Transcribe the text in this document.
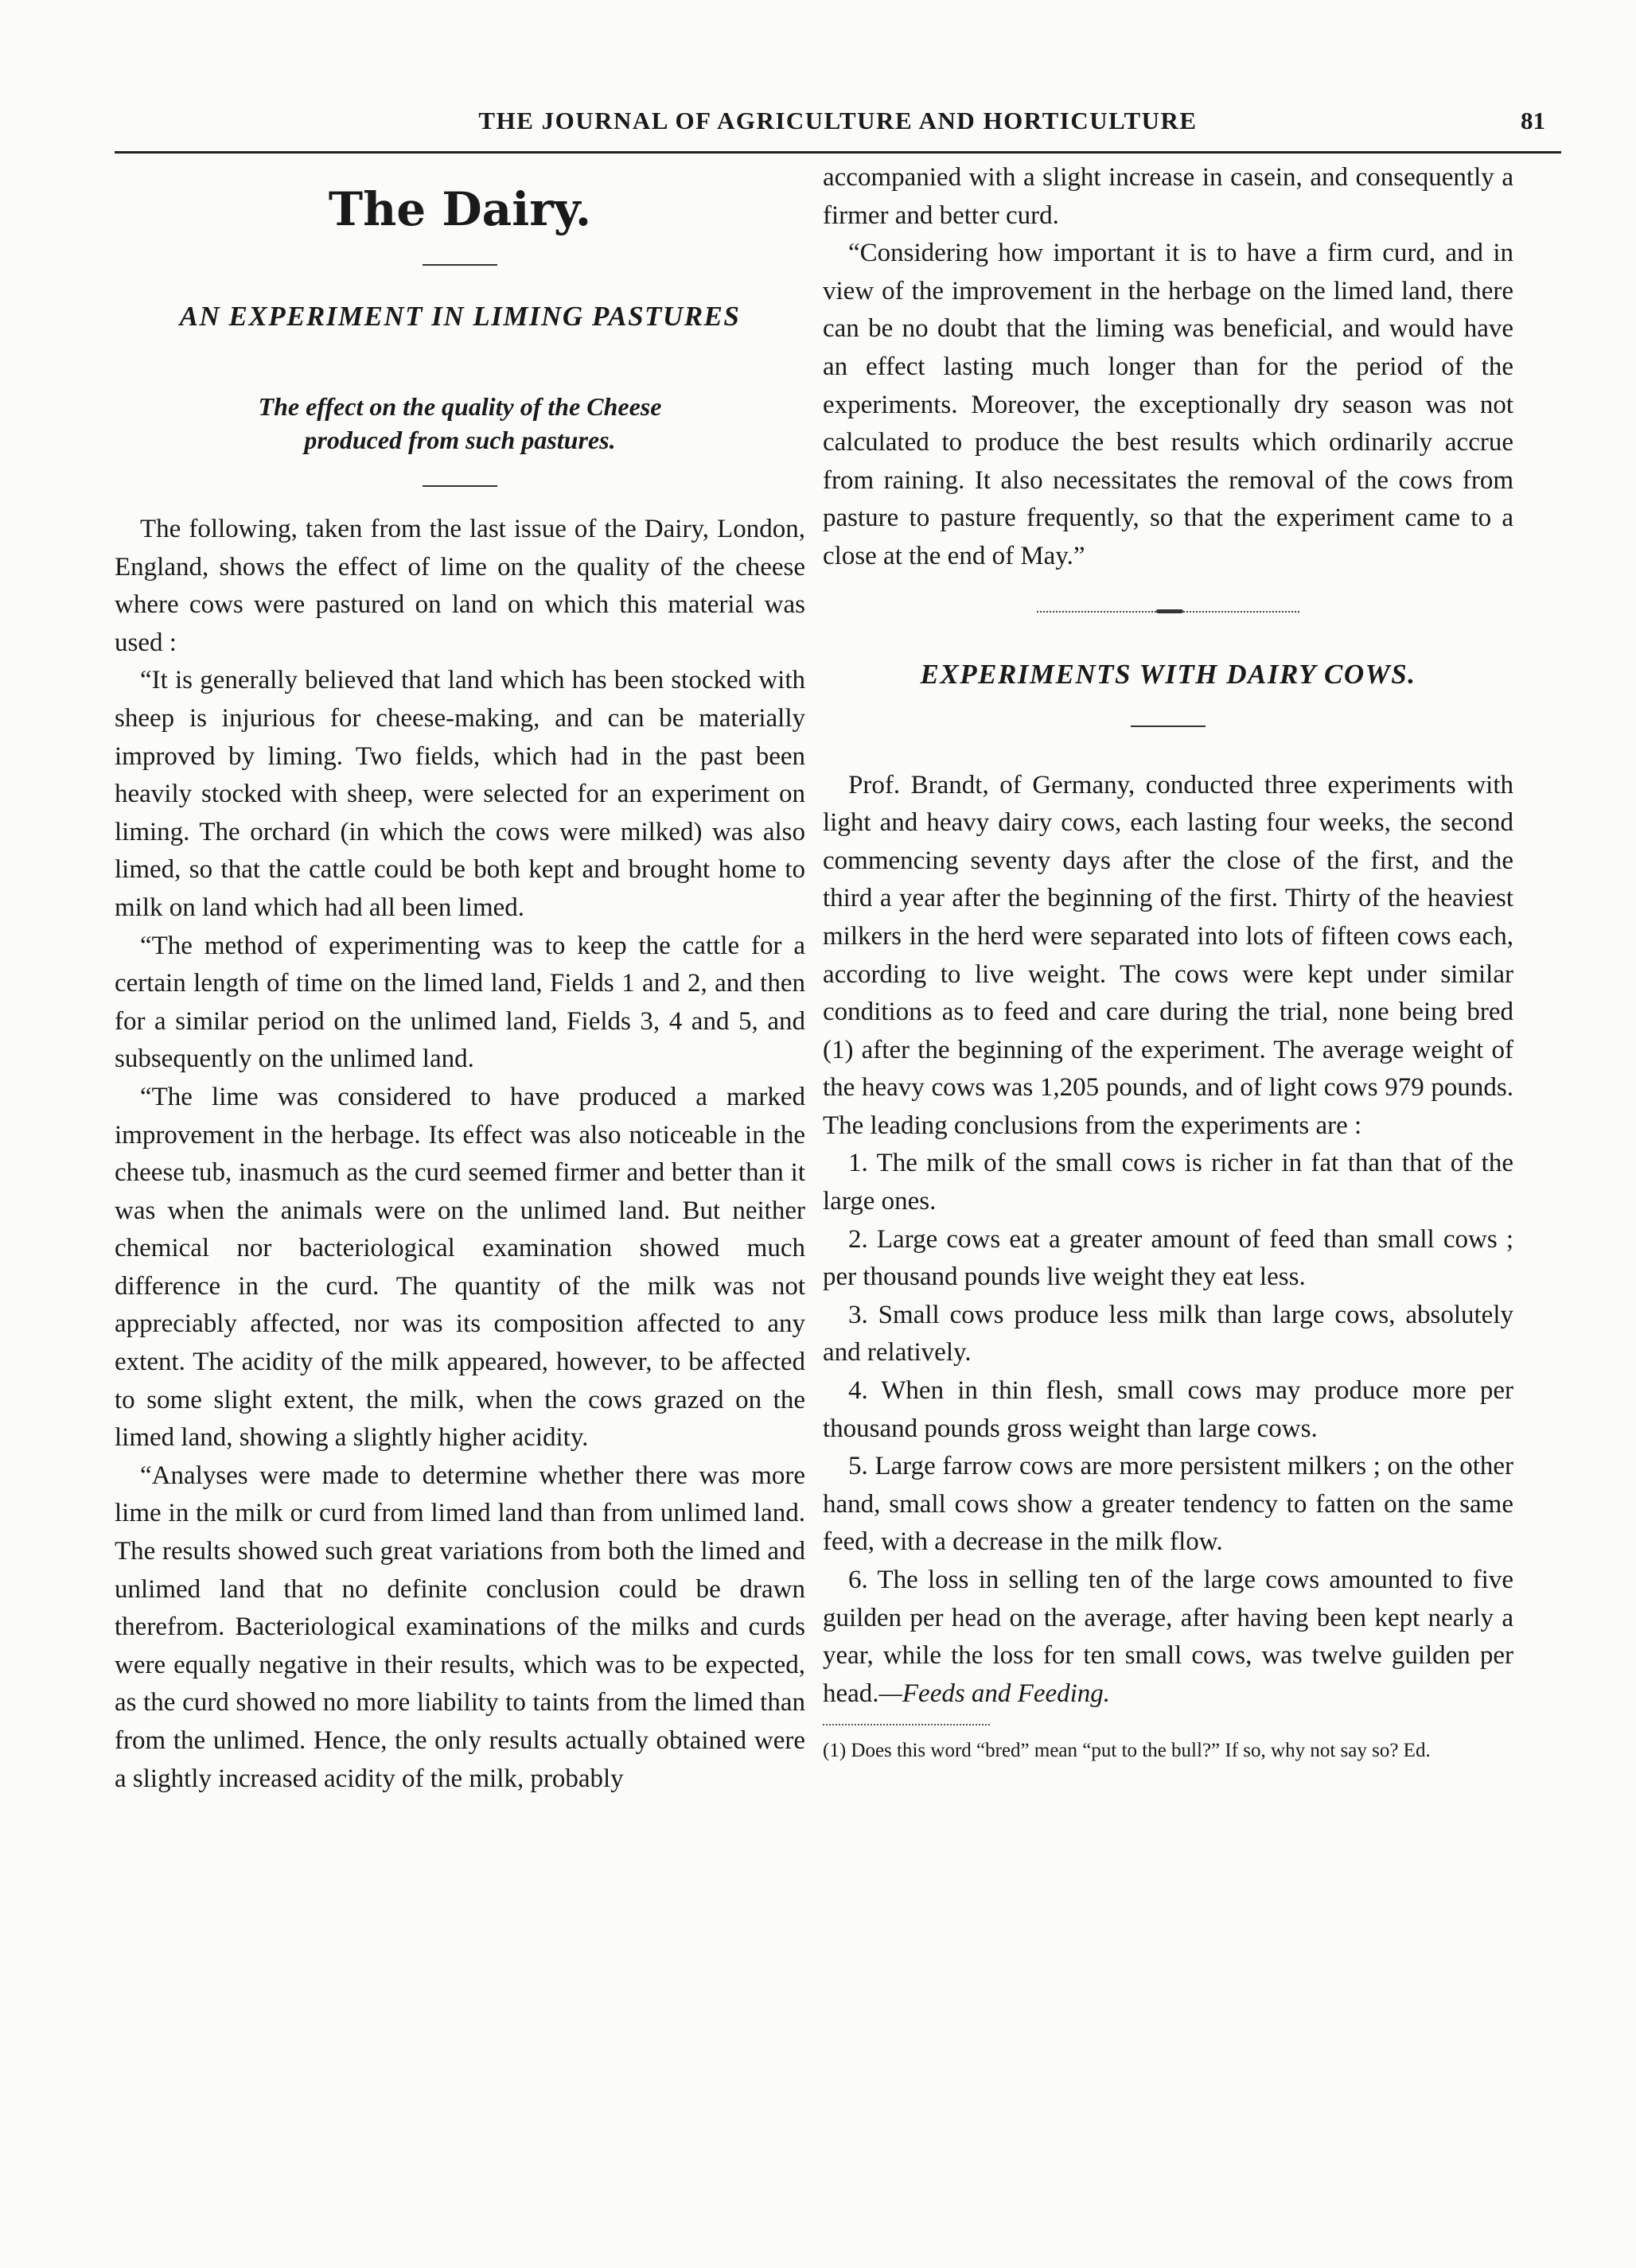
THE JOURNAL OF AGRICULTURE AND HORTICULTURE	81
The Dairy.
AN EXPERIMENT IN LIMING PASTURES
The effect on the quality of the Cheese
produced from such pastures.

The following, taken from the last issue of the Dairy, London, England, shows the effect of lime on the quality of the cheese where cows were pastured on land on which this material was used :

“It is generally believed that land which has been stocked with sheep is injurious for cheese-making, and can be materially improved by liming. Two fields, which had in the past been heavily stocked with sheep, were selected for an experiment on liming. The orchard (in which the cows were milked) was also limed, so that the cattle could be both kept and brought home to milk on land which had all been limed.

“The method of experimenting was to keep the cattle for a certain length of time on the limed land, Fields 1 and 2, and then for a similar period on the unlimed land, Fields 3, 4 and 5, and subsequently on the unlimed land.

“The lime was considered to have produced a marked improvement in the herbage. Its effect was also noticeable in the cheese tub, inasmuch as the curd seemed firmer and better than it was when the animals were on the unlimed land. But neither chemical nor bacteriological examination showed much difference in the curd. The quantity of the milk was not appreciably affected, nor was its composition affected to any extent. The acidity of the milk appeared, however, to be affected to some slight extent, the milk, when the cows grazed on the limed land, showing a slightly higher acidity.

“Analyses were made to determine whether there was more lime in the milk or curd from limed land than from unlimed land. The results showed such great variations from both the limed and unlimed land that no definite conclusion could be drawn therefrom. Bacteriological examinations of the milks and curds were equally negative in their results, which was to be expected, as the curd showed no more liability to taints from the limed than from the unlimed. Hence, the only results actually obtained were a slightly increased acidity of the milk, probably

accompanied with a slight increase in casein, and consequently a firmer and better curd.

“Considering how important it is to have a firm curd, and in view of the improvement in the herbage on the limed land, there can be no doubt that the liming was beneficial, and would have an effect lasting much longer than for the period of the experiments. Moreover, the exceptionally dry season was not calculated to produce the best results which ordinarily accrue from raining. It also necessitates the removal of the cows from pasture to pasture frequently, so that the experiment came to a close at the end of May.”

EXPERIMENTS WITH DAIRY COWS.

Prof. Brandt, of Germany, conducted three experiments with light and heavy dairy cows, each lasting four weeks, the second commencing seventy days after the close of the first, and the third a year after the beginning of the first. Thirty of the heaviest milkers in the herd were separated into lots of fifteen cows each, according to live weight. The cows were kept under similar conditions as to feed and care during the trial, none being bred (1) after the beginning of the experiment. The average weight of the heavy cows was 1,205 pounds, and of light cows 979 pounds. The leading conclusions from the experiments are :

1. The milk of the small cows is richer in fat than that of the large ones.

2. Large cows eat a greater amount of feed than small cows ; per thousand pounds live weight they eat less.

3. Small cows produce less milk than large cows, absolutely and relatively.

4. When in thin flesh, small cows may produce more per thousand pounds gross weight than large cows.

5. Large farrow cows are more persistent milkers ; on the other hand, small cows show a greater tendency to fatten on the same feed, with a decrease in the milk flow.

6. The loss in selling ten of the large cows amounted to five guilden per head on the average, after having been kept nearly a year, while the loss for ten small cows, was twelve guilden per head.—Feeds and Feeding.

(1) Does this word “bred” mean “put to the bull?” If so, why not say so? Ed.
